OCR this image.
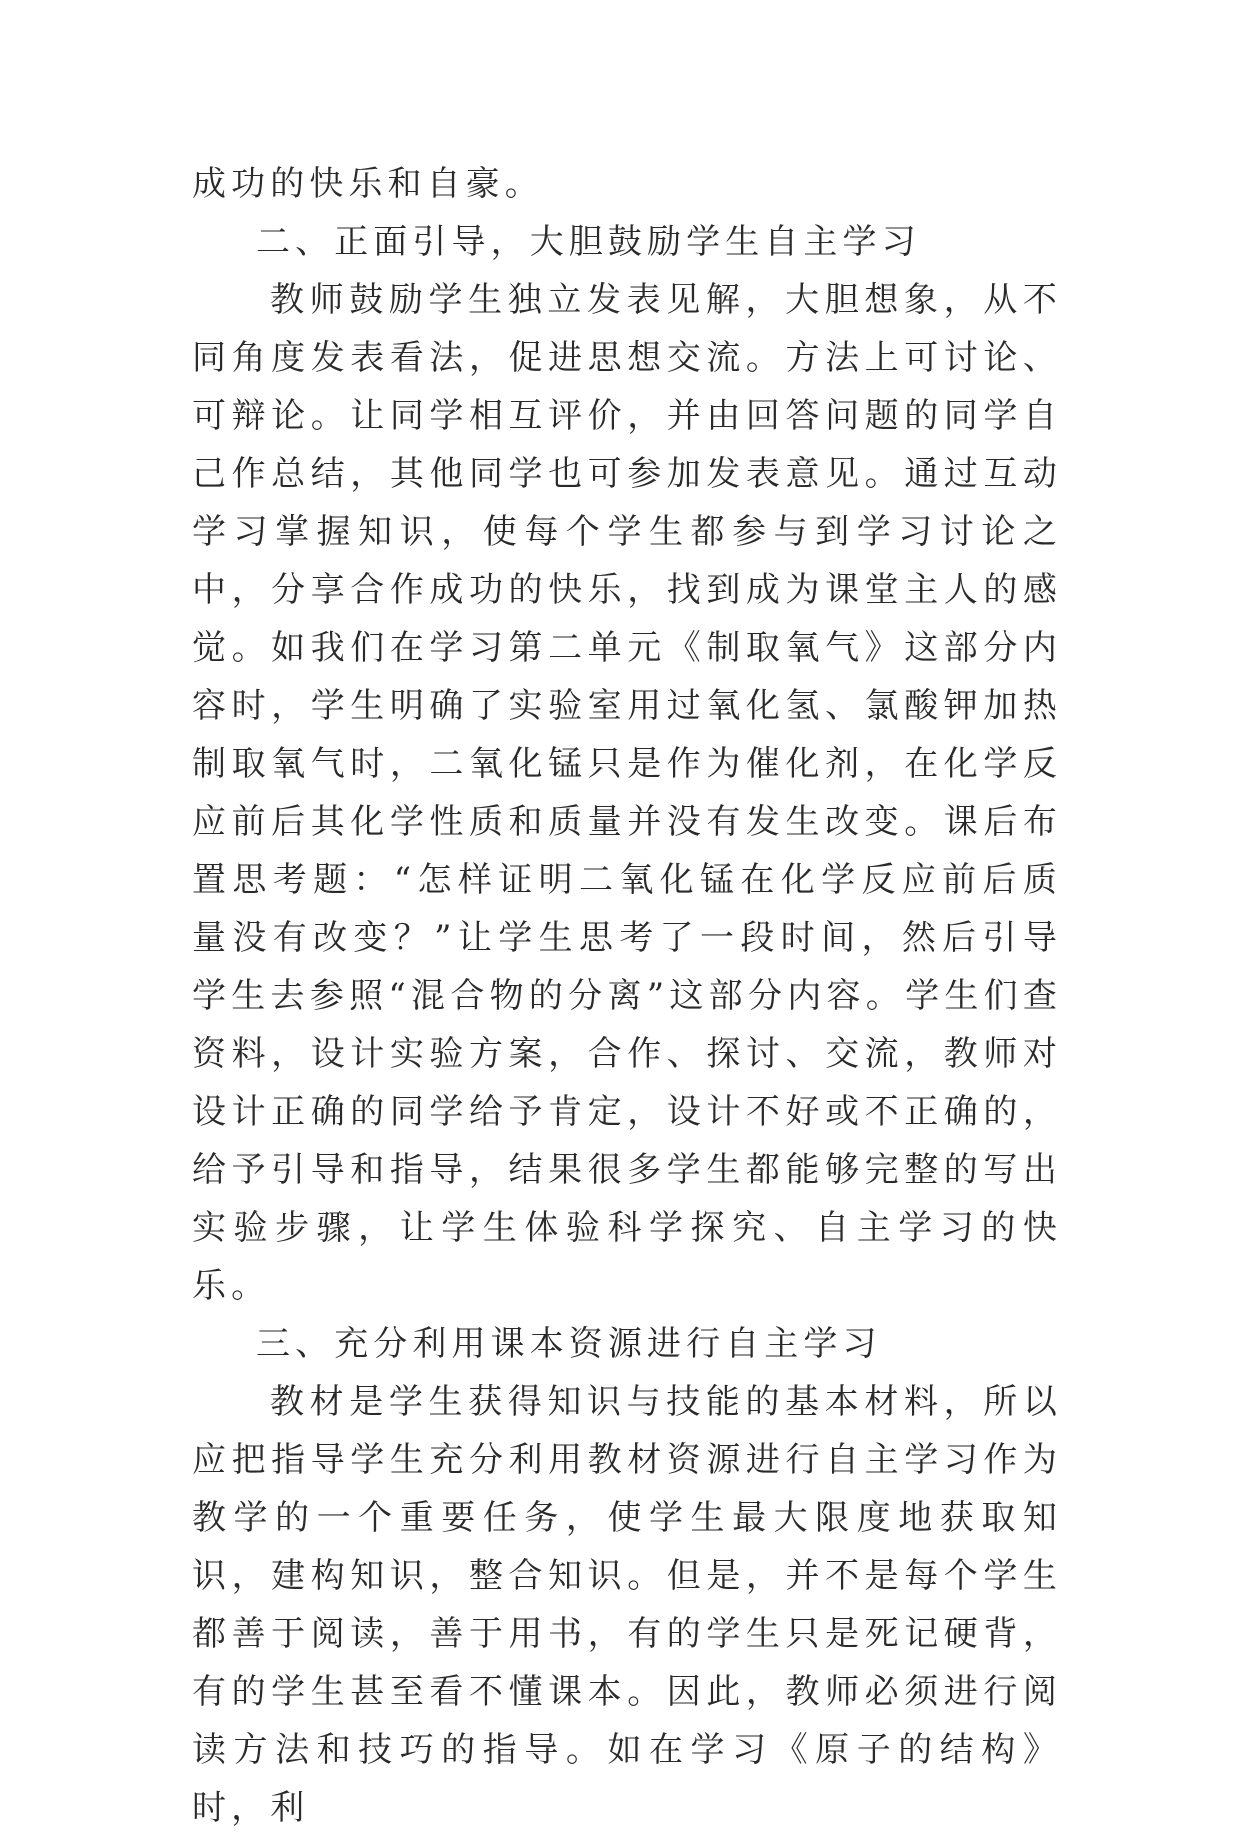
成功的快乐和自豪。

二、正面引导，大胆鼓励学生自主学习

教师鼓励学生独立发表见解，大胆想象，从不同角度发表看法，促进思想交流。方法上可讨论、可辩论。让同学相互评价，并由回答问题的同学自己作总结，其他同学也可参加发表意见。通过互动学习掌握知识，使每个学生都参与到学习讨论之中，分享合作成功的快乐，找到成为课堂主人的感觉。如我们在学习第二单元《制取氧气》这部分内容时，学生明确了实验室用过氧化氢、氯酸钾加热制取氧气时，二氧化锰只是作为催化剂，在化学反应前后其化学性质和质量并没有发生改变。课后布置思考题：“怎样证明二氧化锰在化学反应前后质量没有改变？”让学生思考了一段时间，然后引导学生去参照“混合物的分离”这部分内容。学生们查资料，设计实验方案，合作、探讨、交流，教师对设计正确的同学给予肯定，设计不好或不正确的，给予引导和指导，结果很多学生都能够完整的写出实验步骤，让学生体验科学探究、自主学习的快乐。

三、充分利用课本资源进行自主学习

教材是学生获得知识与技能的基本材料，所以应把指导学生充分利用教材资源进行自主学习作为教学的一个重要任务，使学生最大限度地获取知识，建构知识，整合知识。但是，并不是每个学生都善于阅读，善于用书，有的学生只是死记硬背，有的学生甚至看不懂课本。因此，教师必须进行阅读方法和技巧的指导。如在学习《原子的结构》时，利
